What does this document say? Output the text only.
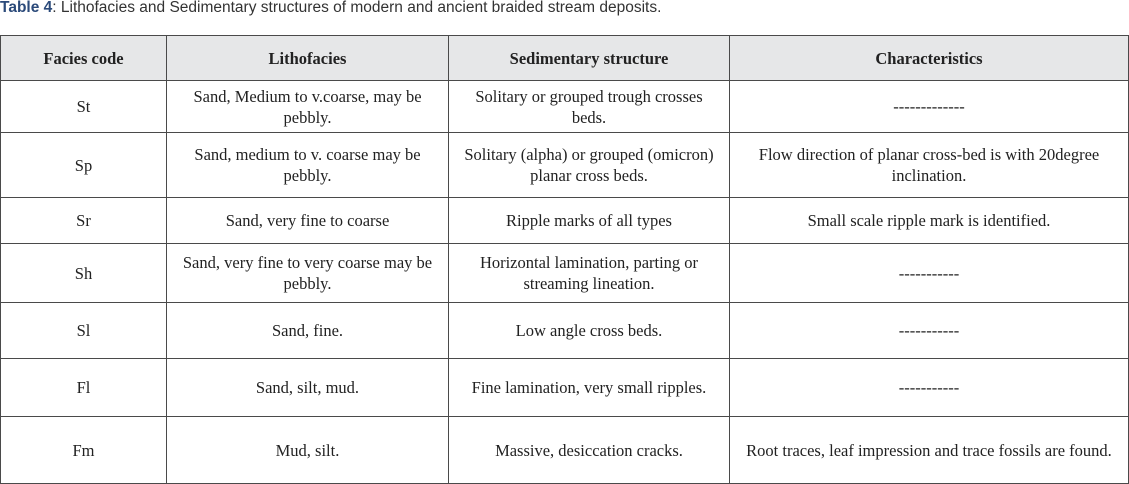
Table 4: Lithofacies and Sedimentary structures of modern and ancient braided stream deposits.
Facies code	Lithofacies	Sedimentary structure	Characteristics
St	Sand, Medium to v.coarse, may be pebbly.	Solitary or grouped trough crosses beds.	-------------
Sp	Sand, medium to v. coarse may be pebbly.	Solitary (alpha) or grouped (omicron) planar cross beds.	Flow direction of planar cross-bed is with 20degree inclination.
Sr	Sand, very fine to coarse	Ripple marks of all types	Small scale ripple mark is identified.
Sh	Sand, very fine to very coarse may be pebbly.	Horizontal lamination, parting or streaming lineation.	-----------
Sl	Sand, fine.	Low angle cross beds.	-----------
Fl	Sand, silt, mud.	Fine lamination, very small ripples.	-----------
Fm	Mud, silt.	Massive, desiccation cracks.	Root traces, leaf impression and trace fossils are found.
